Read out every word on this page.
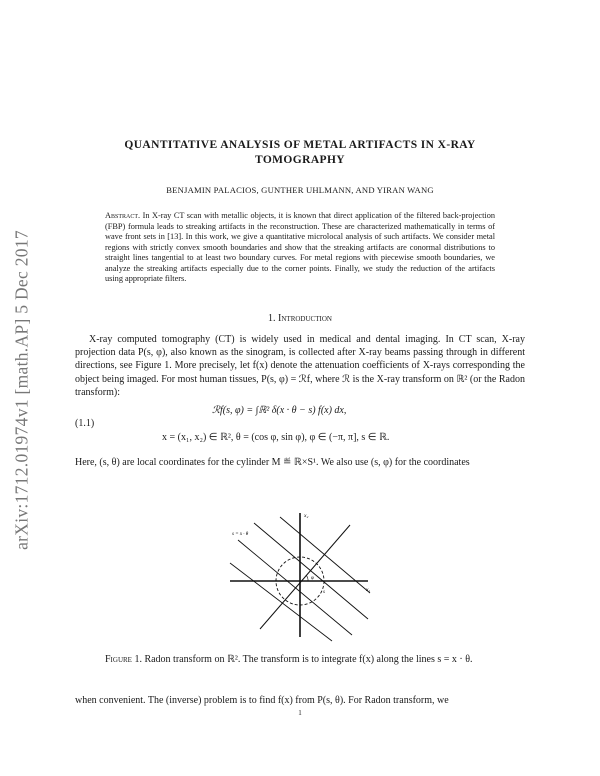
arXiv:1712.01974v1 [math.AP] 5 Dec 2017
QUANTITATIVE ANALYSIS OF METAL ARTIFACTS IN X-RAY
TOMOGRAPHY
BENJAMIN PALACIOS, GUNTHER UHLMANN, AND YIRAN WANG
Abstract. In X-ray CT scan with metallic objects, it is known that direct application of the filtered back-projection (FBP) formula leads to streaking artifacts in the reconstruction. These are characterized mathematically in terms of wave front sets in [13]. In this work, we give a quantitative microlocal analysis of such artifacts. We consider metal regions with strictly convex smooth boundaries and show that the streaking artifacts are conormal distributions to straight lines tangential to at least two boundary curves. For metal regions with piecewise smooth boundaries, we analyze the streaking artifacts especially due to the corner points. Finally, we study the reduction of the artifacts using appropriate filters.
1. Introduction
X-ray computed tomography (CT) is widely used in medical and dental imaging. In CT scan, X-ray projection data P(s, φ), also known as the sinogram, is collected after X-ray beams passing through in different directions, see Figure 1. More precisely, let f(x) denote the attenuation coefficients of X-rays corresponding the object being imaged. For most human tissues, P(s, φ) = ℛf, where ℛ is the X-ray transform on ℝ² (or the Radon transform):
(1.1)
ℛf(s, φ) = ∫ℝ² δ(x · θ − s) f(x) dx,
x = (x₁, x₂) ∈ ℝ², θ = (cos φ, sin φ), φ ∈ (−π, π], s ∈ ℝ.
Here, (s, θ) are local coordinates for the cylinder M ≝ ℝ×S¹. We also use (s, φ) for the coordinates
x₂
x₁
s = x · θ
φ
s
Figure 1. Radon transform on ℝ². The transform is to integrate f(x) along the lines s = x · θ.
when convenient. The (inverse) problem is to find f(x) from P(s, θ). For Radon transform, we
1
